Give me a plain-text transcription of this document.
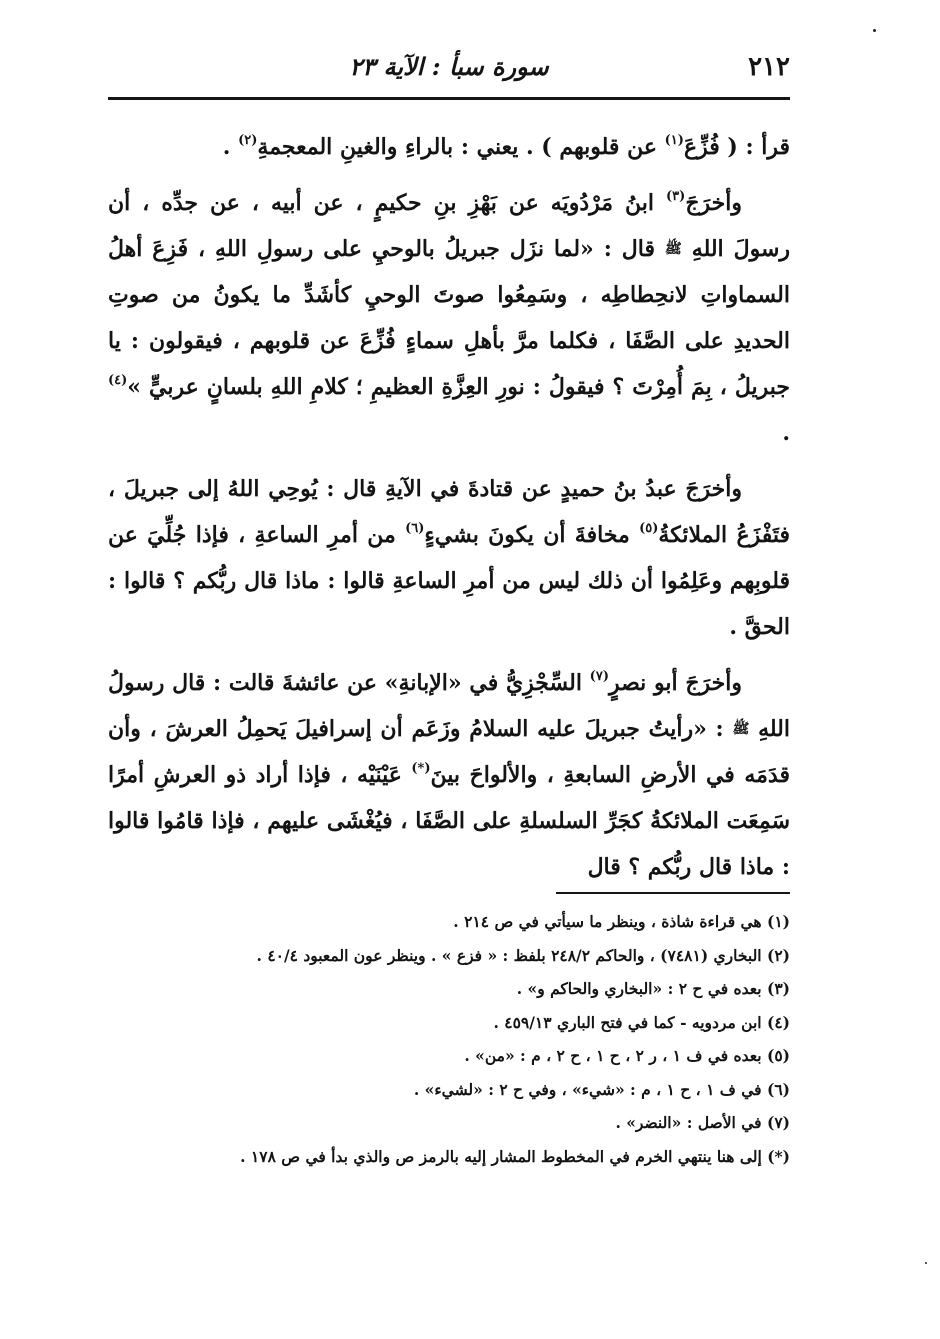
٢١٢
سورة سبأ : الآية ٢٣

قرأ : ( فُزِّعَ$^{(١)}$ عن قلوبهم ) . يعني : بالراءِ والغينِ المعجمةِ$^{(٢)}$ .

وأخرَجَ$^{(٣)}$ ابنُ مَرْدُويَه عن بَهْزِ بنِ حكيمٍ ، عن أبيه ، عن جدِّه ، أن رسولَ اللهِ ﷺ قال : «لما نزَل جبريلُ بالوحيِ على رسولِ اللهِ ، فَزِعَ أهلُ السماواتِ لانحِطاطِه ، وسَمِعُوا صوتَ الوحيِ كأشَدِّ ما يكونُ من صوتِ الحديدِ على الصَّفَا ، فكلما مرَّ بأهلِ سماءٍ فُزِّعَ عن قلوبهم ، فيقولون : يا جبريلُ ، بِمَ أُمِرْتَ ؟ فيقولُ : نورِ العِزَّةِ العظيمِ ؛ كلامِ اللهِ بلسانٍ عربيٍّ »$^{(٤)}$ .

وأخرَجَ عبدُ بنُ حميدٍ عن قتادةَ في الآيةِ قال : يُوحِي اللهُ إلى جبريلَ ، فتَفْزَعُ الملائكةُ$^{(٥)}$ مخافةَ أن يكونَ بشيءٍ$^{(٦)}$ من أمرِ الساعةِ ، فإذا جُلِّيَ عن قلوبِهم وعَلِمُوا أن ذلك ليس من أمرِ الساعةِ قالوا : ماذا قال ربُّكم ؟ قالوا : الحقَّ .

وأخرَجَ أبو نصرٍ$^{(٧)}$ السِّجْزِيُّ في «الإبانةِ» عن عائشةَ قالت : قال رسولُ اللهِ ﷺ : «رأيتُ جبريلَ عليه السلامُ وزَعَم أن إسرافيلَ يَحمِلُ العرشَ ، وأن قدَمَه في الأرضِ السابعةِ ، والألواحَ بينَ(*) عَيْنَيْه ، فإذا أراد ذو العرشِ أمرًا سَمِعَت الملائكةُ كجَرِّ السلسلةِ على الصَّفَا ، فيُغْشَى عليهم ، فإذا قامُوا قالوا : ماذا قال ربُّكم ؟ قال

(١) هي قراءة شاذة ، وينظر ما سيأتي في ص ٢١٤ .

(٢) البخاري (٧٤٨١) ، والحاكم ٢٤٨/٢ بلفظ : « فزع » . وينظر عون المعبود ٤٠/٤ .

(٣) بعده في ح ٢ : «البخاري والحاكم و» .

(٤) ابن مردويه - كما في فتح الباري ٤٥٩/١٣ .

(٥) بعده في ف ١ ، ر ٢ ، ح ١ ، ح ٢ ، م : «من» .

(٦) في ف ١ ، ح ١ ، م : «شيء» ، وفي ح ٢ : «لشيء» .

(٧) في الأصل : «النضر» .

(*) إلى هنا ينتهي الخرم في المخطوط المشار إليه بالرمز ص والذي بدأ في ص ١٧٨ .
